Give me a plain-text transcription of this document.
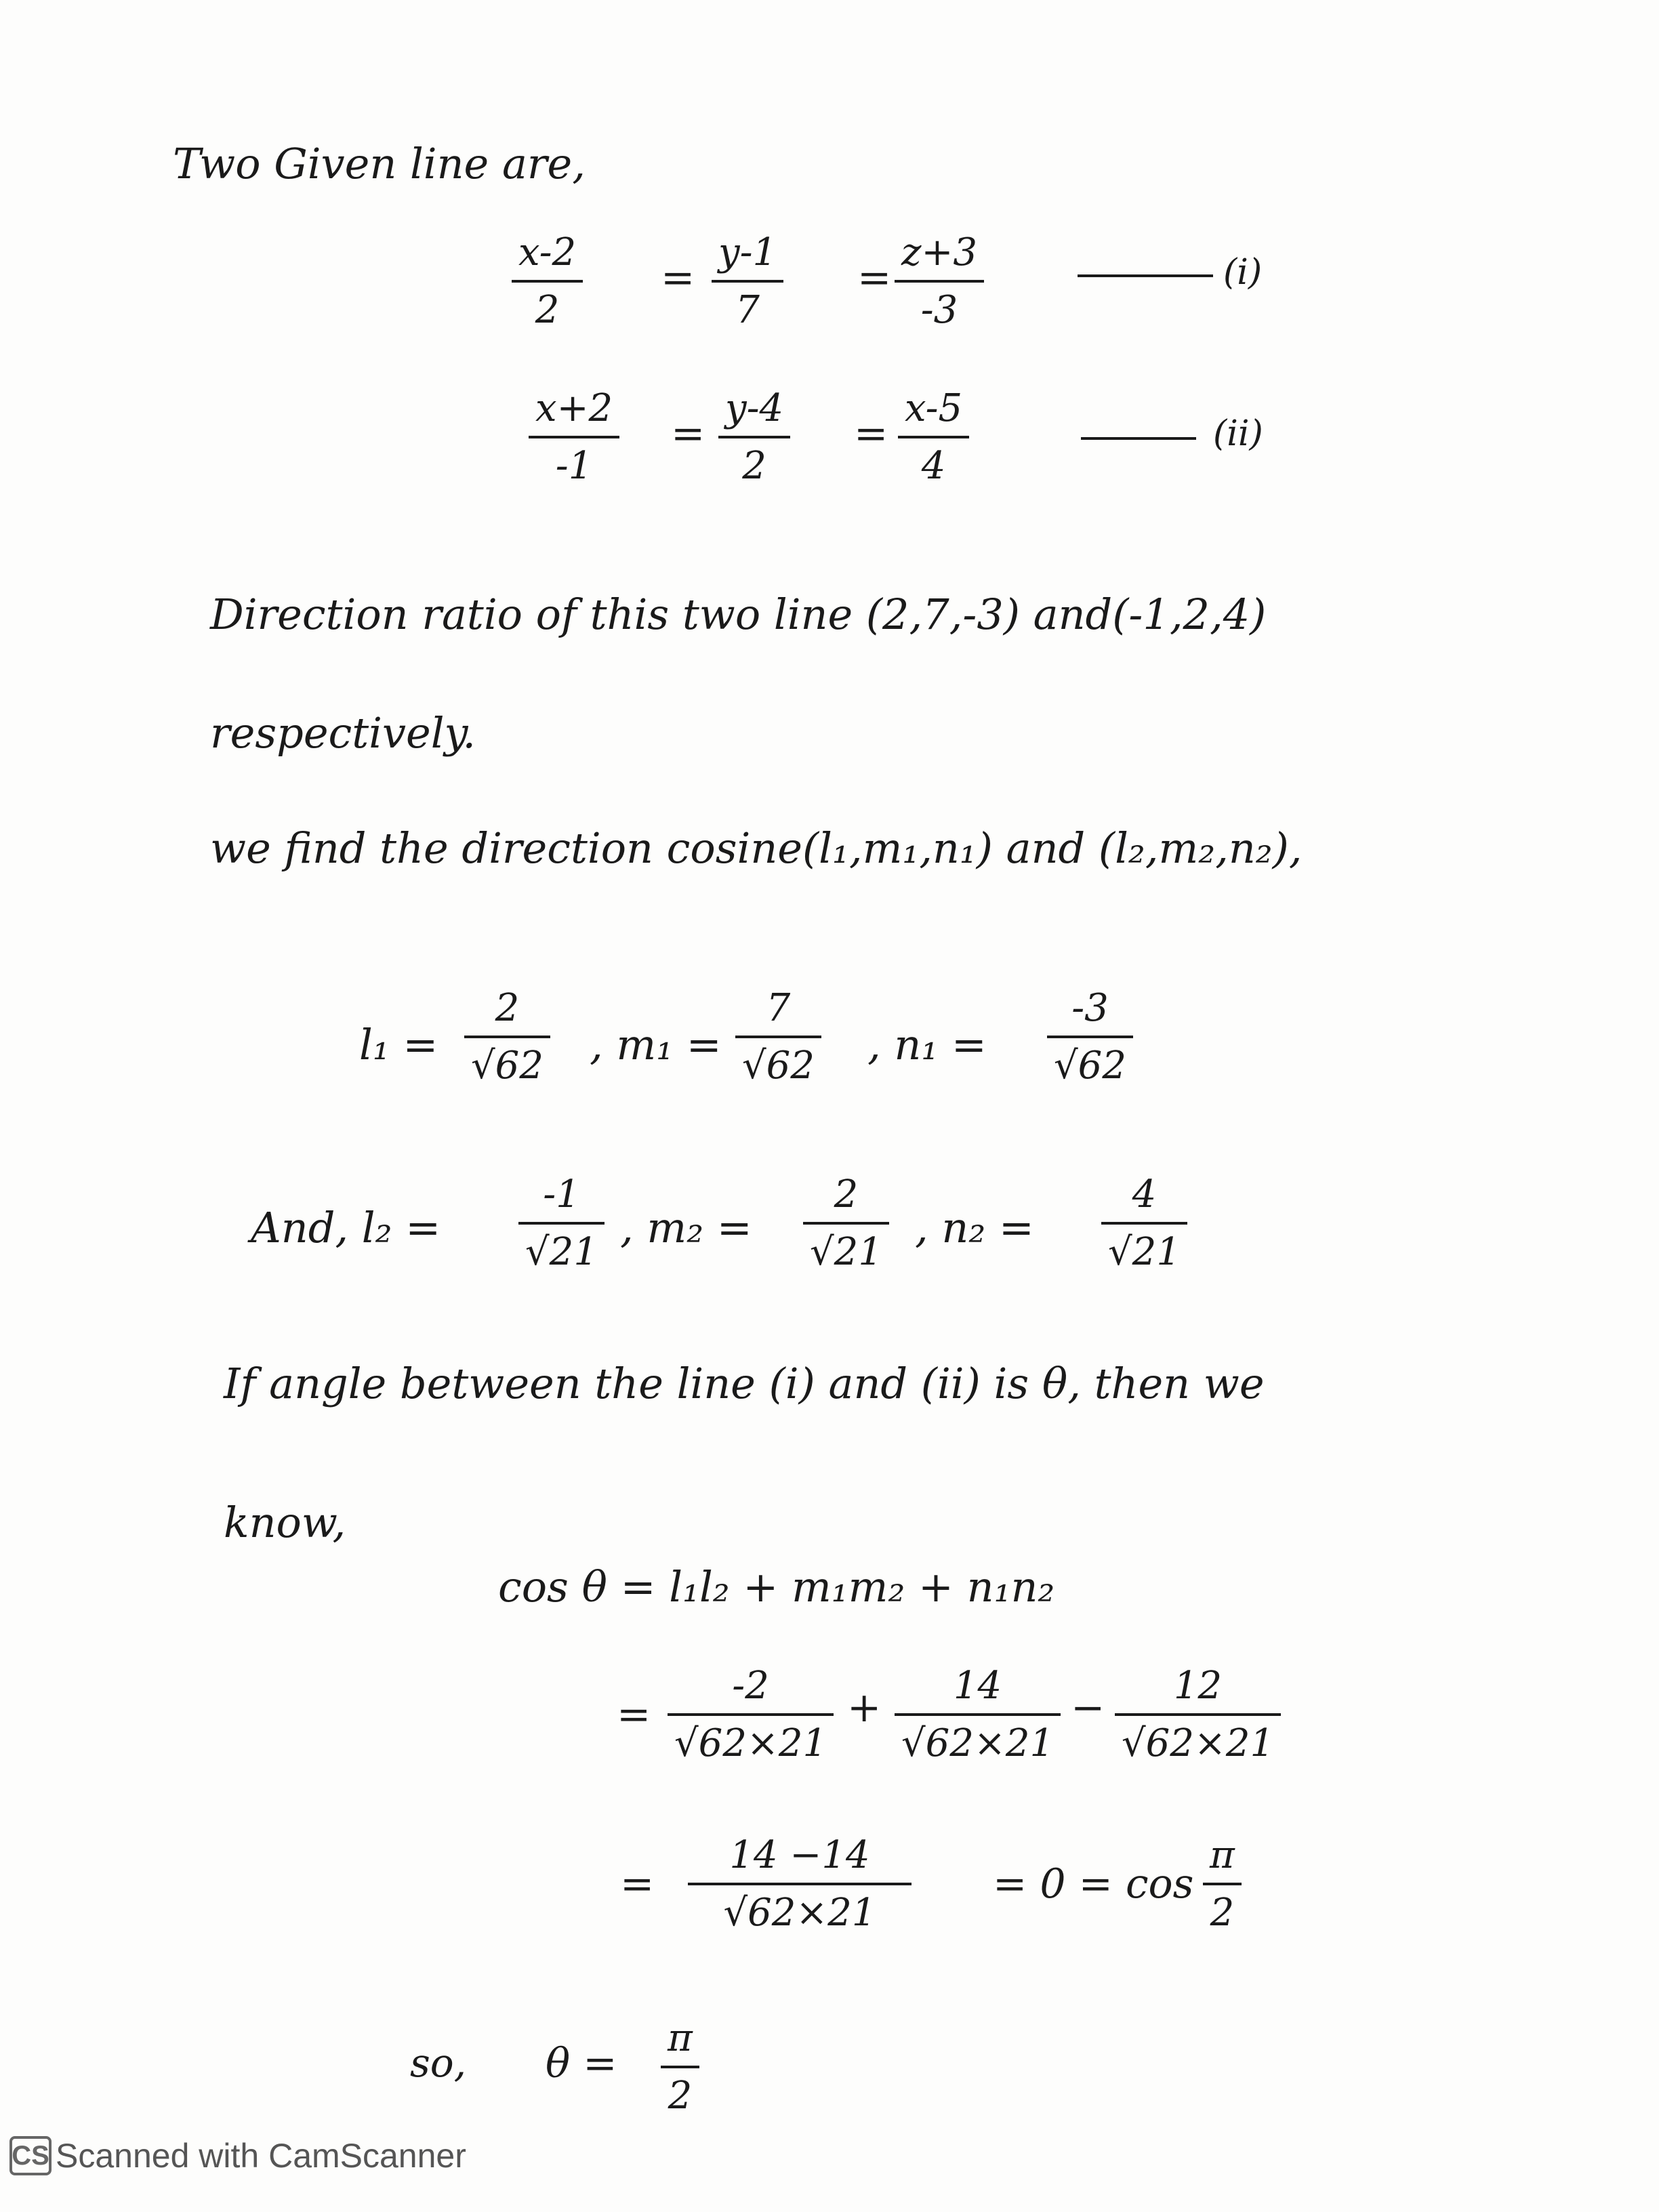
Two Given line are,
x-2
2
=
y-1
7
=
z+3
-3
(i)
x+2
-1
=
y-4
2
=
x-5
4
(ii)
Direction ratio of this two line (2,7,-3) and(-1,2,4)
respectively.
we find the direction cosine(l₁,m₁,n₁) and (l₂,m₂,n₂),
l₁ =
2
√62 , m₁ =
7
√62 , n₁ =
-3
√62
And, l₂ =
-1
√21 , m₂ =
2
√21 , n₂ =
4
√21
If angle between the line (i) and (ii) is θ, then we
know,
cos θ = l₁l₂ + m₁m₂ + n₁n₂
=
-2
√62×21
+ 14
√62×21
− 12
√62×21
=
14 −14
√62×21
= 0 = cos
π
2
so, θ =
π
2
CS Scanned with CamScanner
